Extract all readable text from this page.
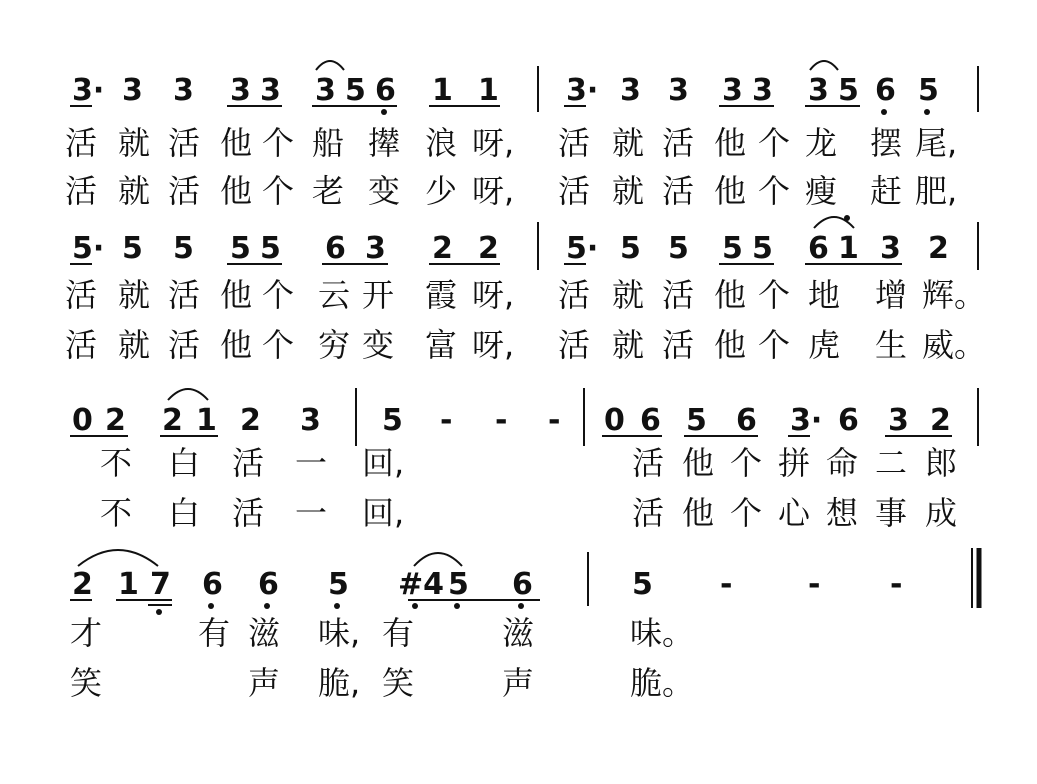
3· 3 3 3 3 3 5 6 1 1 3· 3 3 3 3 3 5 6 5
活 就 活 他 个 船 撵 浪 呀, 活 就 活 他 个 龙 摆 尾,
活 就 活 他 个 老 变 少 呀, 活 就 活 他 个 瘦 赶 肥,
5· 5 5 5 5 6 3 2 2 5· 5 5 5 5 6 1 3 2
活 就 活 他 个 云 开 霞 呀, 活 就 活 他 个 地 增 辉。
活 就 活 他 个 穷 变 富 呀, 活 就 活 他 个 虎 生 威。
0 2 2 1 2 3 5 - - - 0 6 5 6 3· 6 3 2
不 白 活 一 回,	活 他 个 拼 命 二 郎
不 白 活 一 回,	活 他 个 心 想 事 成
2 1 7 6 6 5 #4 5 6	5 -	- -
才	有 滋 味, 有	滋	味。
笑	声 脆, 笑	声	脆。
